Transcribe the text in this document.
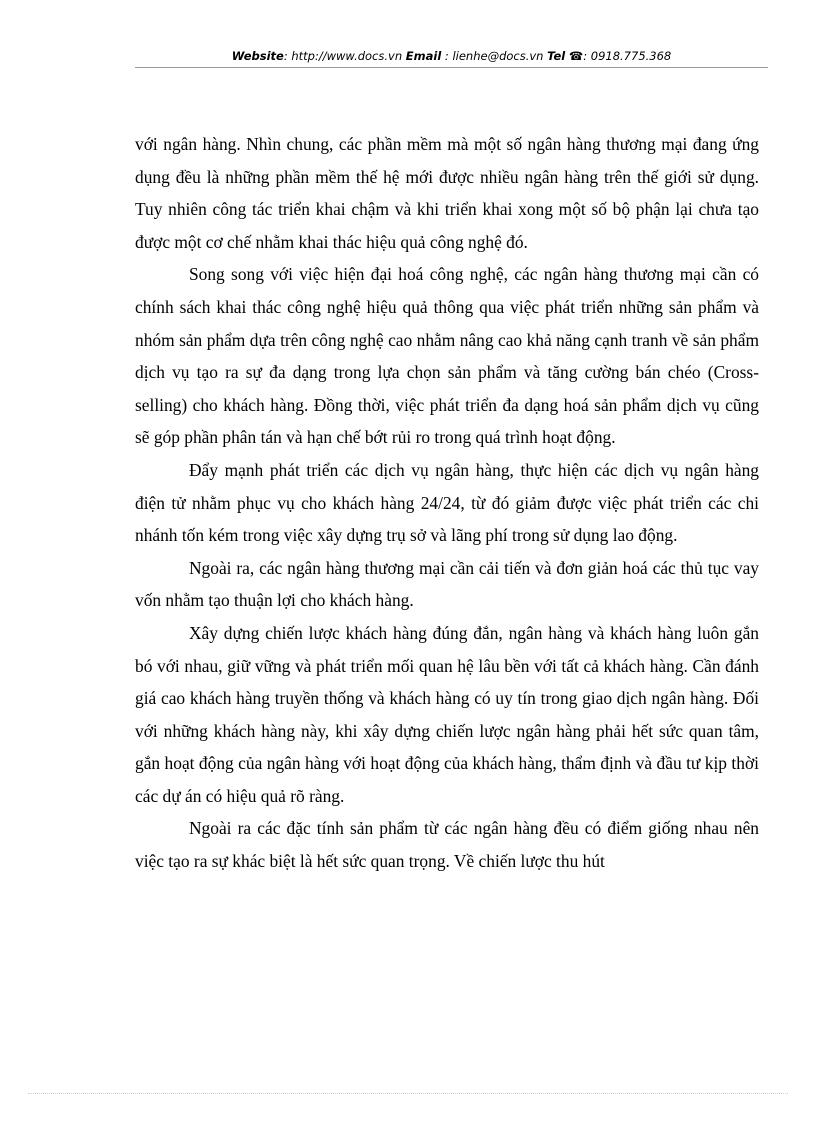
Website: http://www.docs.vn Email : lienhe@docs.vn Tel ☎: 0918.775.368

với ngân hàng. Nhìn chung, các phần mềm mà một số ngân hàng thương mại đang ứng dụng đều là những phần mềm thế hệ mới được nhiều ngân hàng trên thế giới sử dụng. Tuy nhiên công tác triển khai chậm và khi triển khai xong một số bộ phận lại chưa tạo được một cơ chế nhằm khai thác hiệu quả công nghệ đó.

Song song với việc hiện đại hoá công nghệ, các ngân hàng thương mại cần có chính sách khai thác công nghệ hiệu quả thông qua việc phát triển những sản phẩm và nhóm sản phẩm dựa trên công nghệ cao nhằm nâng cao khả năng cạnh tranh về sản phẩm dịch vụ tạo ra sự đa dạng trong lựa chọn sản phẩm và tăng cường bán chéo (Cross- selling) cho khách hàng. Đồng thời, việc phát triển đa dạng hoá sản phẩm dịch vụ cũng sẽ góp phần phân tán và hạn chế bớt rủi ro trong quá trình hoạt động.

Đẩy mạnh phát triển các dịch vụ ngân hàng, thực hiện các dịch vụ ngân hàng điện tử nhằm phục vụ cho khách hàng 24/24, từ đó giảm được việc phát triển các chi nhánh tốn kém trong việc xây dựng trụ sở và lãng phí trong sử dụng lao động.

Ngoài ra, các ngân hàng thương mại cần cải tiến và đơn giản hoá các thủ tục vay vốn nhằm tạo thuận lợi cho khách hàng.

Xây dựng chiến lược khách hàng đúng đắn, ngân hàng và khách hàng luôn gắn bó với nhau, giữ vững và phát triển mối quan hệ lâu bền với tất cả khách hàng. Cần đánh giá cao khách hàng truyền thống và khách hàng có uy tín trong giao dịch ngân hàng. Đối với những khách hàng này, khi xây dựng chiến lược ngân hàng phải hết sức quan tâm, gắn hoạt động của ngân hàng với hoạt động của khách hàng, thẩm định và đầu tư kịp thời các dự án có hiệu quả rõ ràng.

Ngoài ra các đặc tính sản phẩm từ các ngân hàng đều có điểm giống nhau nên việc tạo ra sự khác biệt là hết sức quan trọng. Về chiến lược thu hút
